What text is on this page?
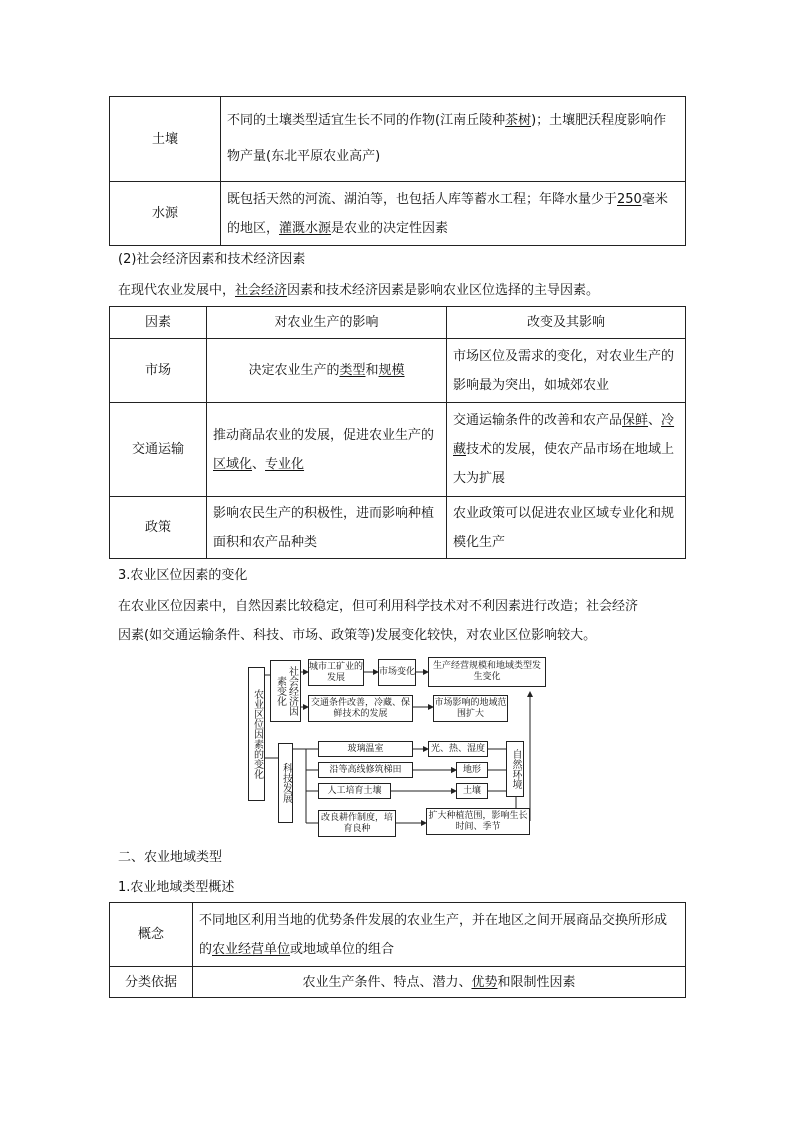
土壤	不同的土壤类型适宜生长不同的作物(江南丘陵种茶树)；土壤肥沃程度影响作物产量(东北平原农业高产)
水源	既包括天然的河流、湖泊等，也包括人库等蓄水工程；年降水量少于250毫米的地区，灌溉水源是农业的决定性因素
(2)社会经济因素和技术经济因素
在现代农业发展中，社会经济因素和技术经济因素是影响农业区位选择的主导因素。
因素	对农业生产的影响	改变及其影响
市场	决定农业生产的类型和规模	市场区位及需求的变化，对农业生产的影响最为突出，如城郊农业
交通运输	推动商品农业的发展，促进农业生产的区域化、专业化	交通运输条件的改善和农产品保鲜、冷藏技术的发展，使农产品市场在地域上大为扩展
政策	影响农民生产的积极性，进而影响种植面积和农产品种类	农业政策可以促进农业区域专业化和规模化生产
3.农业区位因素的变化
在农业区位因素中，自然因素比较稳定，但可利用科学技术对不利因素进行改造；社会经济
因素(如交通运输条件、科技、市场、政策等)发展变化较快，对农业区位影响较大。
农业区位因素的变化	社会经济因素变化
城市工矿业的发展
市场变化
生产经营规模和地域类型发生变化
交通条件改善，冷藏、保鲜技术的发展
市场影响的地域范围扩大
科技发展
玻璃温室	光、热、湿度
沿等高线修筑梯田	地形
人工培育土壤	土壤
自然环境
改良耕作制度，培育良种
扩大种植范围，影响生长时间、季节
二、农业地域类型
1.农业地域类型概述
概念	不同地区利用当地的优势条件发展的农业生产，并在地区之间开展商品交换所形成的农业经营单位或地域单位的组合
分类依据	农业生产条件、特点、潜力、优势和限制性因素
